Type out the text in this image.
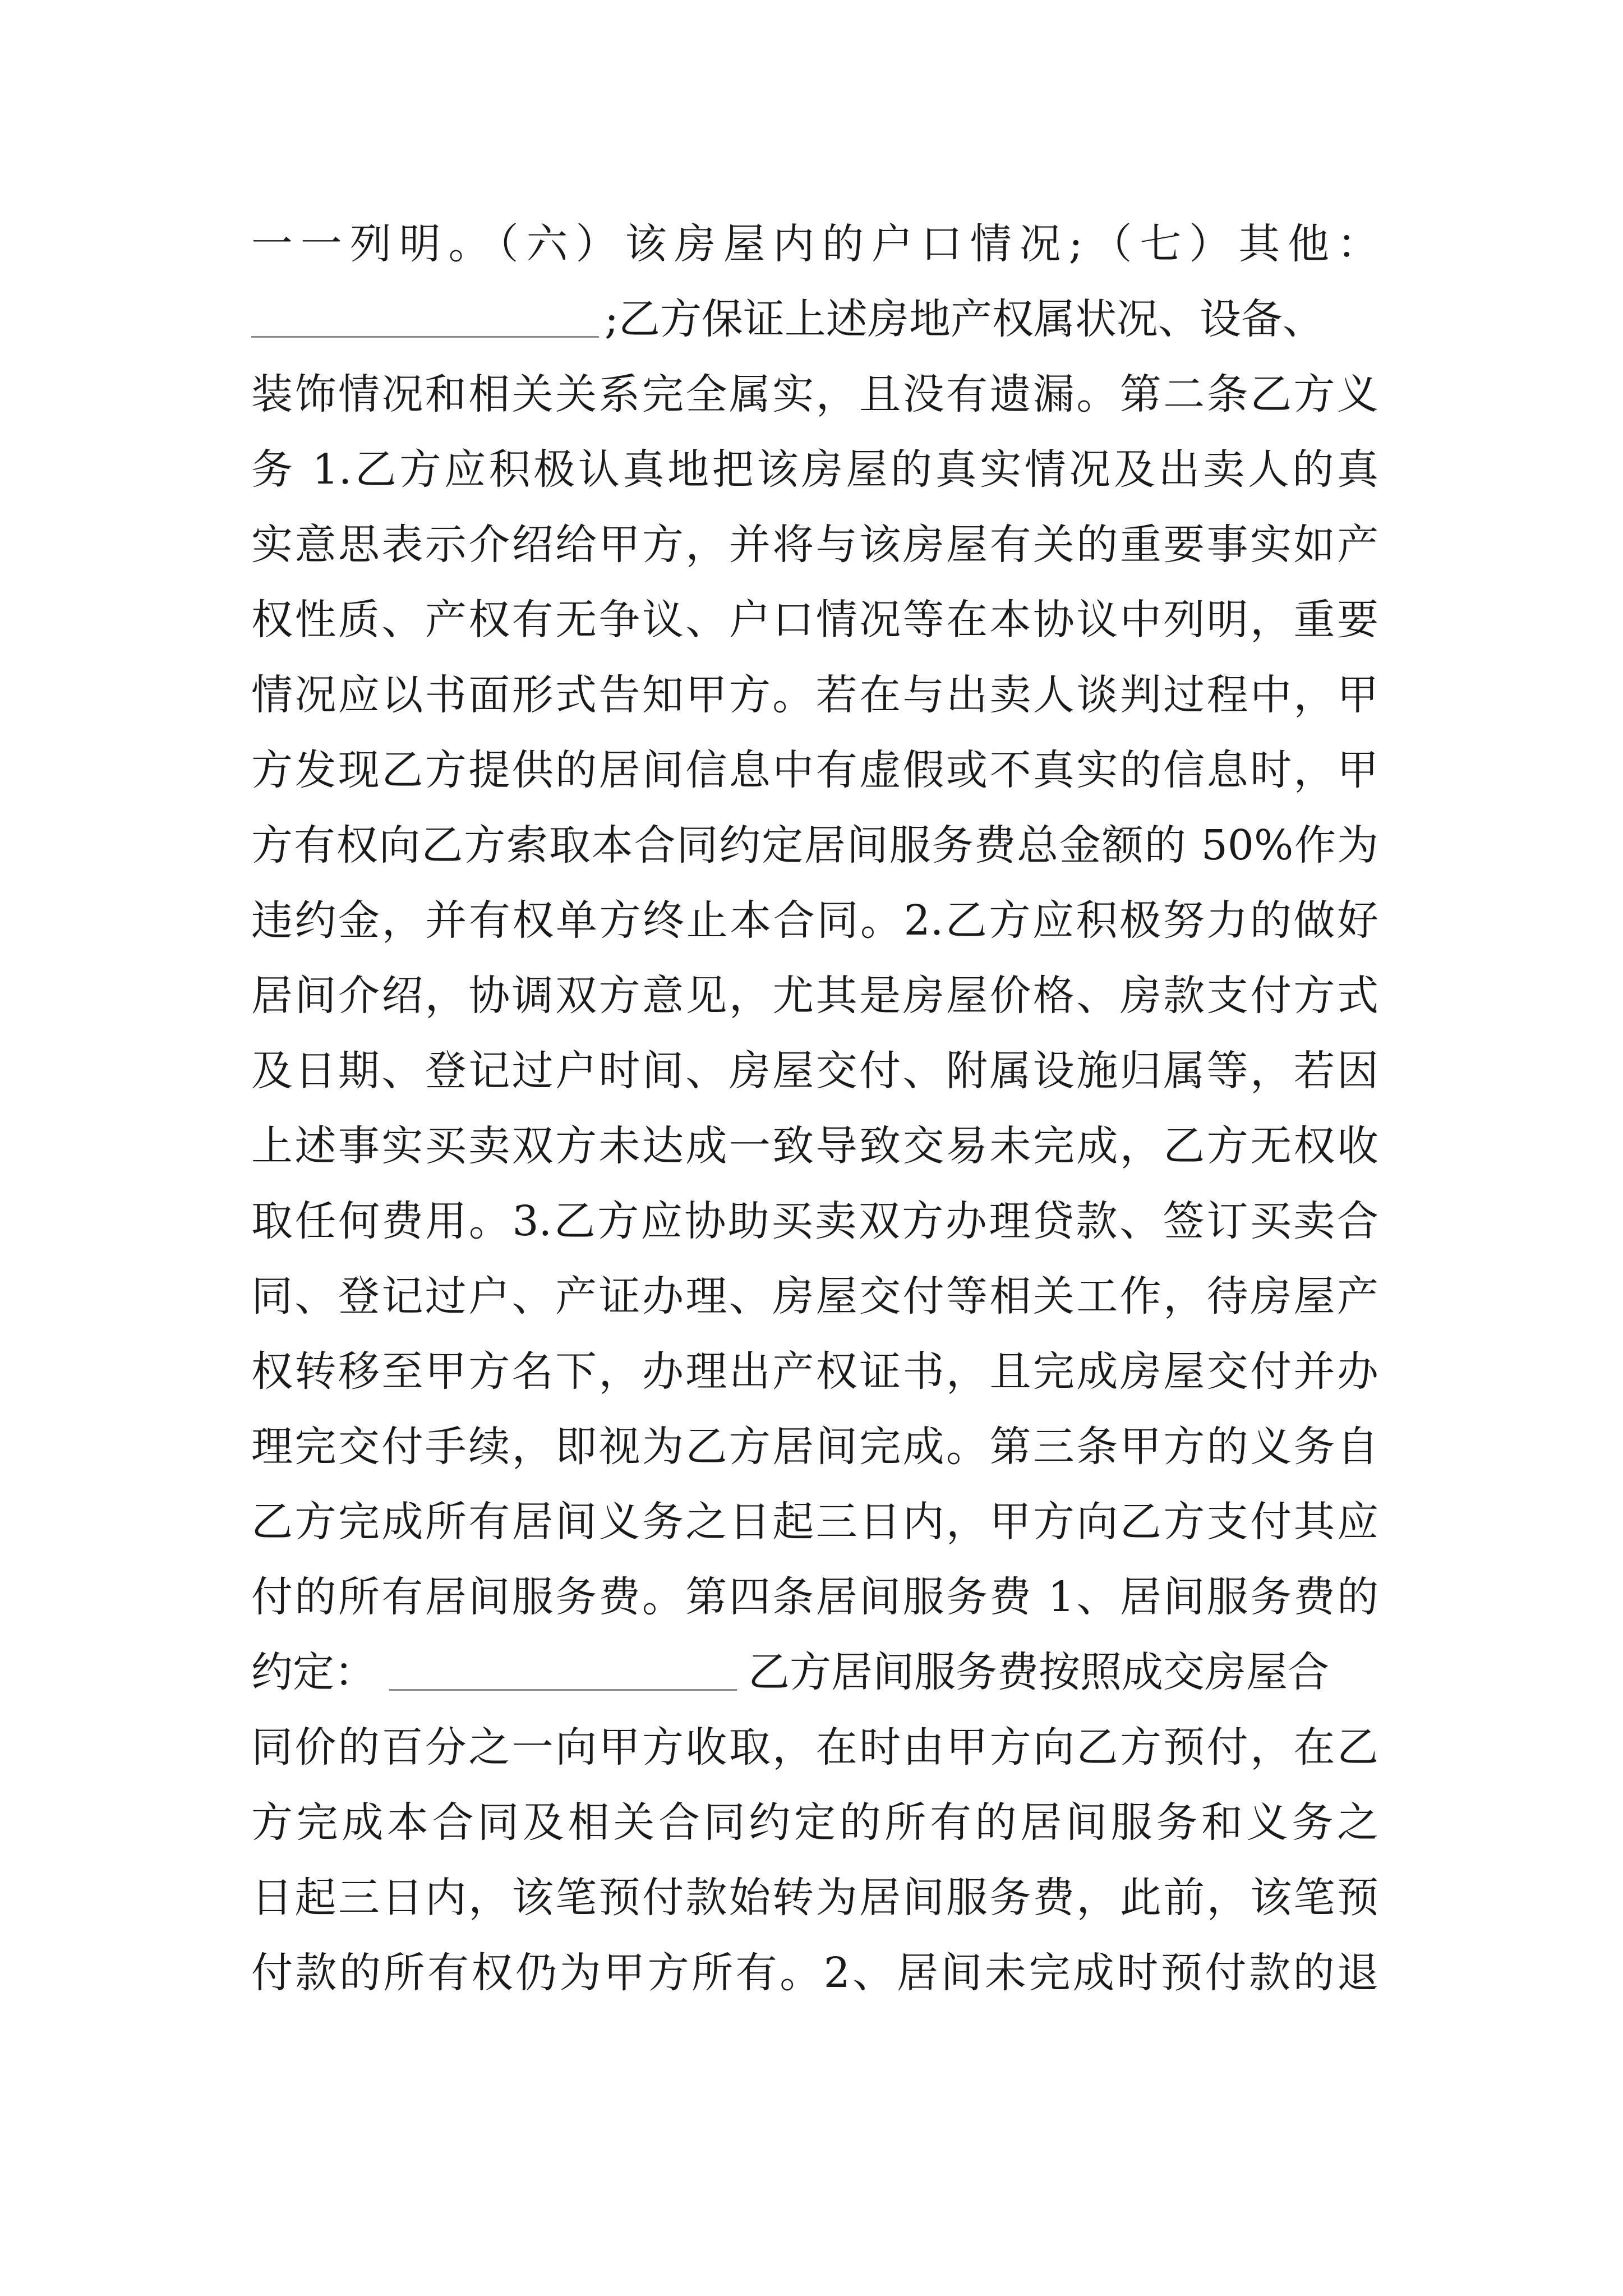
一一列明。（六）该房屋内的户口情况;（七）其他：
;乙方保证上述房地产权属状况、设备、
装饰情况和相关关系完全属实，且没有遗漏。第二条乙方义
务 1.乙方应积极认真地把该房屋的真实情况及出卖人的真
实意思表示介绍给甲方，并将与该房屋有关的重要事实如产
权性质、产权有无争议、户口情况等在本协议中列明，重要
情况应以书面形式告知甲方。若在与出卖人谈判过程中，甲
方发现乙方提供的居间信息中有虚假或不真实的信息时，甲
方有权向乙方索取本合同约定居间服务费总金额的 50%作为
违约金，并有权单方终止本合同。2.乙方应积极努力的做好
居间介绍，协调双方意见，尤其是房屋价格、房款支付方式
及日期、登记过户时间、房屋交付、附属设施归属等，若因
上述事实买卖双方未达成一致导致交易未完成，乙方无权收
取任何费用。3.乙方应协助买卖双方办理贷款、签订买卖合
同、登记过户、产证办理、房屋交付等相关工作，待房屋产
权转移至甲方名下，办理出产权证书，且完成房屋交付并办
理完交付手续，即视为乙方居间完成。第三条甲方的义务自
乙方完成所有居间义务之日起三日内，甲方向乙方支付其应
付的所有居间服务费。第四条居间服务费 1、居间服务费的
约定：	乙方居间服务费按照成交房屋合
同价的百分之一向甲方收取，在时由甲方向乙方预付，在乙
方完成本合同及相关合同约定的所有的居间服务和义务之
日起三日内，该笔预付款始转为居间服务费，此前，该笔预
付款的所有权仍为甲方所有。2、居间未完成时预付款的退
